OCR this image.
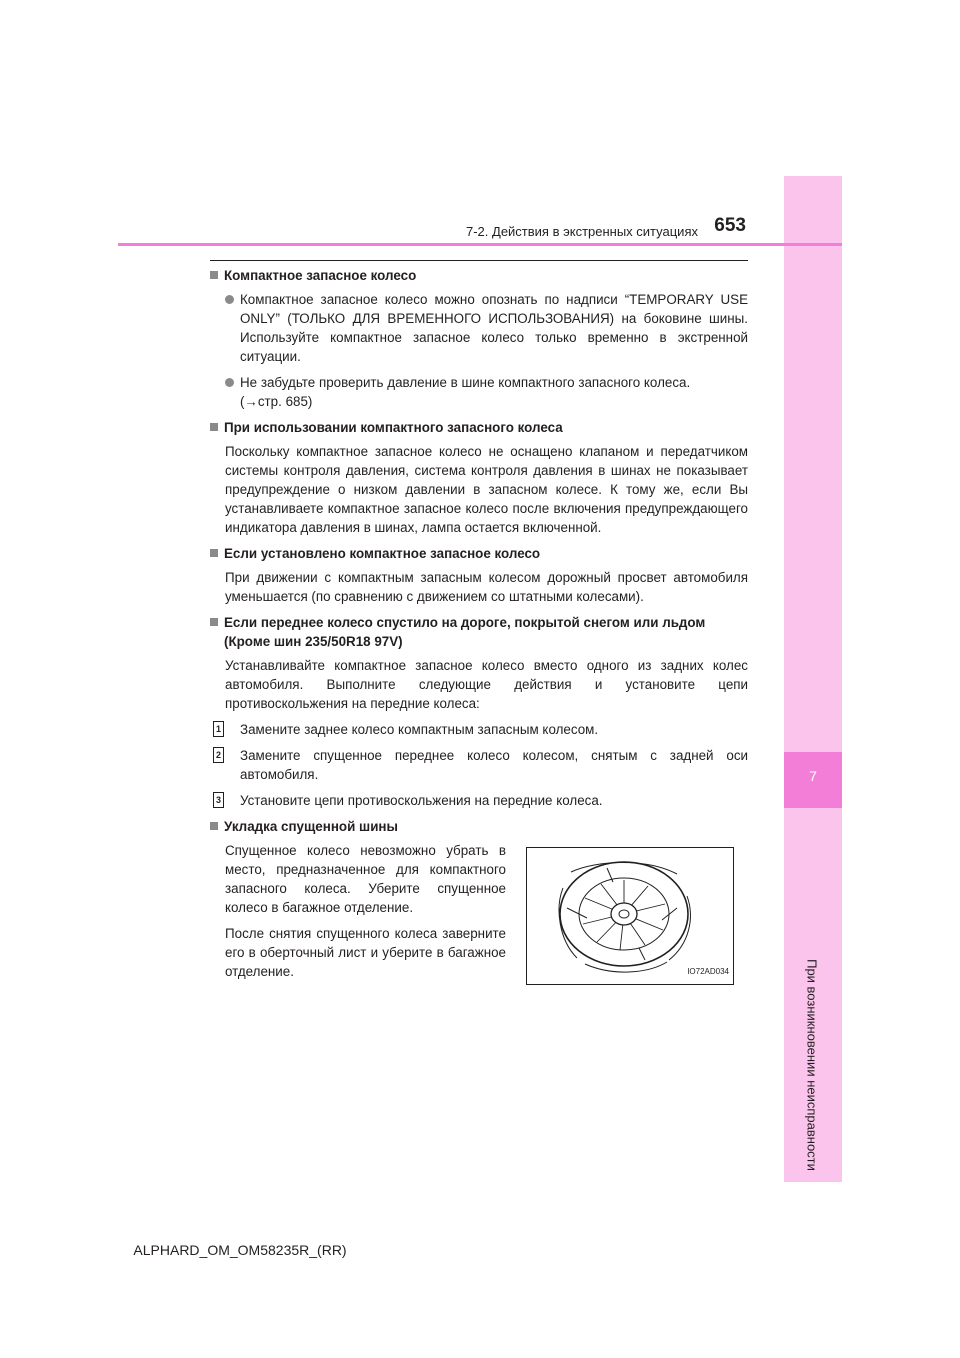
7
При возникновении неисправности
7-2. Действия в экстренных ситуациях 653
Компактное запасное колесо
Компактное запасное колесо можно опознать по надписи “TEMPORARY USE ONLY” (ТОЛЬКО ДЛЯ ВРЕМЕННОГО ИСПОЛЬЗОВАНИЯ) на боковине шины. Используйте компактное запасное колесо только временно в экстренной ситуации.
Не забудьте проверить давление в шине компактного запасного колеса.
(→стр. 685)
При использовании компактного запасного колеса
Поскольку компактное запасное колесо не оснащено клапаном и передатчиком системы контроля давления, система контроля давления в шинах не показывает предупреждение о низком давлении в запасном колесе. К тому же, если Вы устанавливаете компактное запасное колесо после включения предупреждающего индикатора давления в шинах, лампа остается включенной.
Если установлено компактное запасное колесо
При движении с компактным запасным колесом дорожный просвет автомобиля уменьшается (по сравнению с движением со штатными колесами).
Если переднее колесо спустило на дороге, покрытой снегом или льдом
(Кроме шин 235/50R18 97V)
Устанавливайте компактное запасное колесо вместо одного из задних колес автомобиля. Выполните следующие действия и установите цепи противоскольжения на передние колеса:
1 Замените заднее колесо компактным запасным колесом.
2 Замените спущенное переднее колесо колесом, снятым с задней оси автомобиля.
3 Установите цепи противоскольжения на передние колеса.
Укладка спущенной шины

Спущенное колесо невозможно убрать в место, предназначенное для компактного запасного колеса. Уберите спущенное колесо в багажное отделение.

После снятия спущенного колеса заверните его в оберточный лист и уберите в багажное отделение.	IO72AD034
ALPHARD_OM_OM58235R_(RR)
